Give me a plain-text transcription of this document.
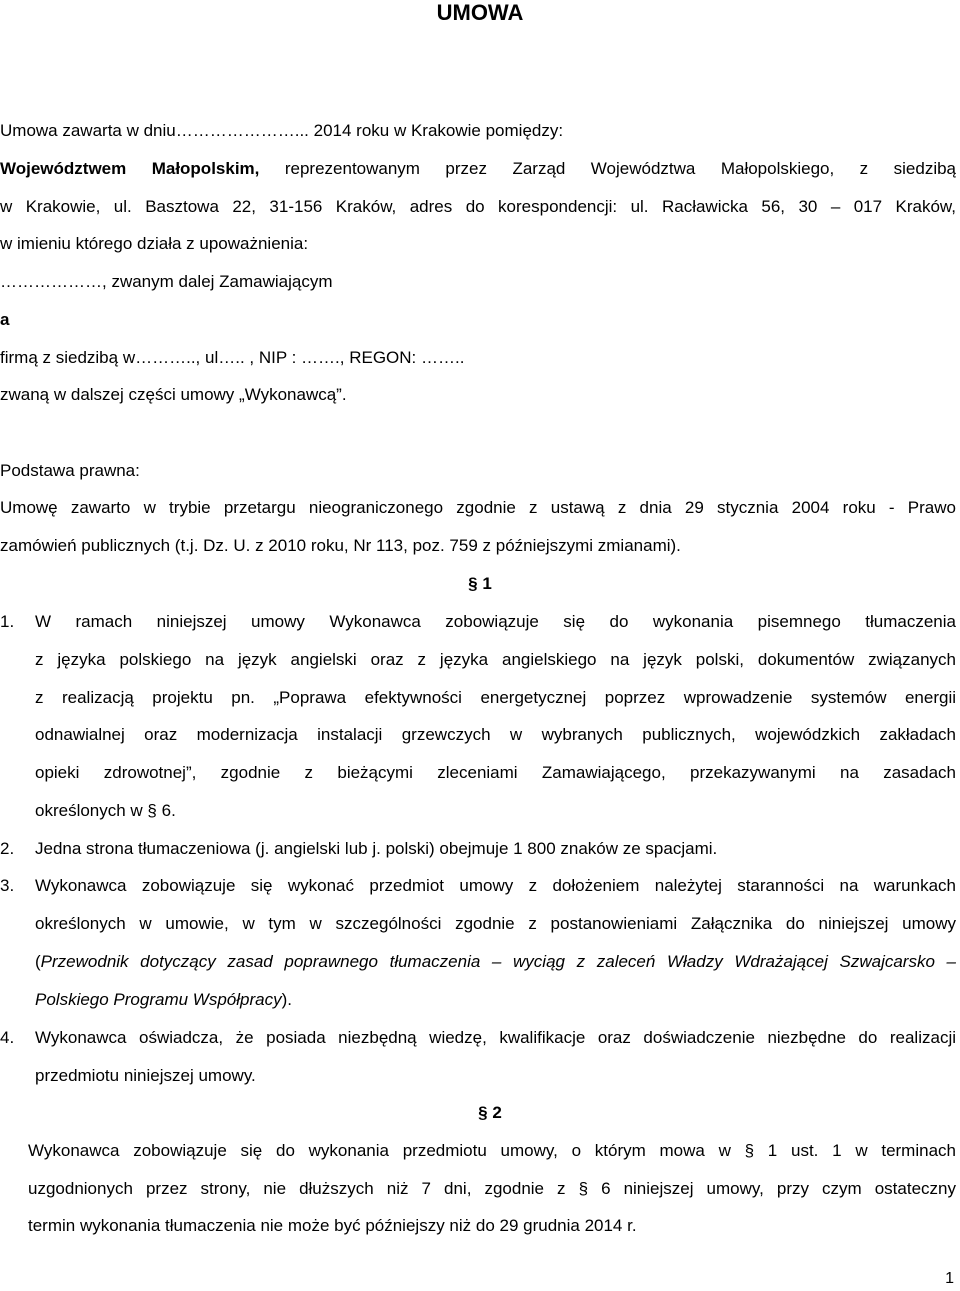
UMOWA
Umowa zawarta w dniu…………………... 2014 roku w Krakowie pomiędzy:
Województwem Małopolskim, reprezentowanym przez Zarząd Województwa Małopolskiego, z siedzibą
w Krakowie, ul. Basztowa 22, 31-156 Kraków, adres do korespondencji: ul. Racławicka 56, 30 – 017 Kraków,
w imieniu którego działa z upoważnienia:
………………, zwanym dalej Zamawiającym
a
firmą z siedzibą w……….., ul….. , NIP : ……., REGON: ……..
zwaną w dalszej części umowy „Wykonawcą”.
Podstawa prawna:
Umowę zawarto w trybie przetargu nieograniczonego zgodnie z ustawą z dnia 29 stycznia 2004 roku - Prawo
zamówień publicznych (t.j. Dz. U. z 2010 roku, Nr 113, poz. 759 z późniejszymi zmianami).
§ 1
1. W ramach niniejszej umowy Wykonawca zobowiązuje się do wykonania pisemnego tłumaczenia
z języka polskiego na język angielski oraz z języka angielskiego na język polski, dokumentów związanych
z realizacją projektu pn. „Poprawa efektywności energetycznej poprzez wprowadzenie systemów energii
odnawialnej oraz modernizacja instalacji grzewczych w wybranych publicznych, wojewódzkich zakładach
opieki zdrowotnej”, zgodnie z bieżącymi zleceniami Zamawiającego, przekazywanymi na zasadach
określonych w § 6.
2. Jedna strona tłumaczeniowa (j. angielski lub j. polski) obejmuje 1 800 znaków ze spacjami.
3. Wykonawca zobowiązuje się wykonać przedmiot umowy z dołożeniem należytej staranności na warunkach
określonych w umowie, w tym w szczególności zgodnie z postanowieniami Załącznika do niniejszej umowy
(Przewodnik dotyczący zasad poprawnego tłumaczenia – wyciąg z zaleceń Władzy Wdrażającej Szwajcarsko –
Polskiego Programu Współpracy).
4. Wykonawca oświadcza, że posiada niezbędną wiedzę, kwalifikacje oraz doświadczenie niezbędne do realizacji
przedmiotu niniejszej umowy.
§ 2
Wykonawca zobowiązuje się do wykonania przedmiotu umowy, o którym mowa w § 1 ust. 1 w terminach
uzgodnionych przez strony, nie dłuższych niż 7 dni, zgodnie z § 6 niniejszej umowy, przy czym ostateczny
termin wykonania tłumaczenia nie może być późniejszy niż do 29 grudnia 2014 r.
1
